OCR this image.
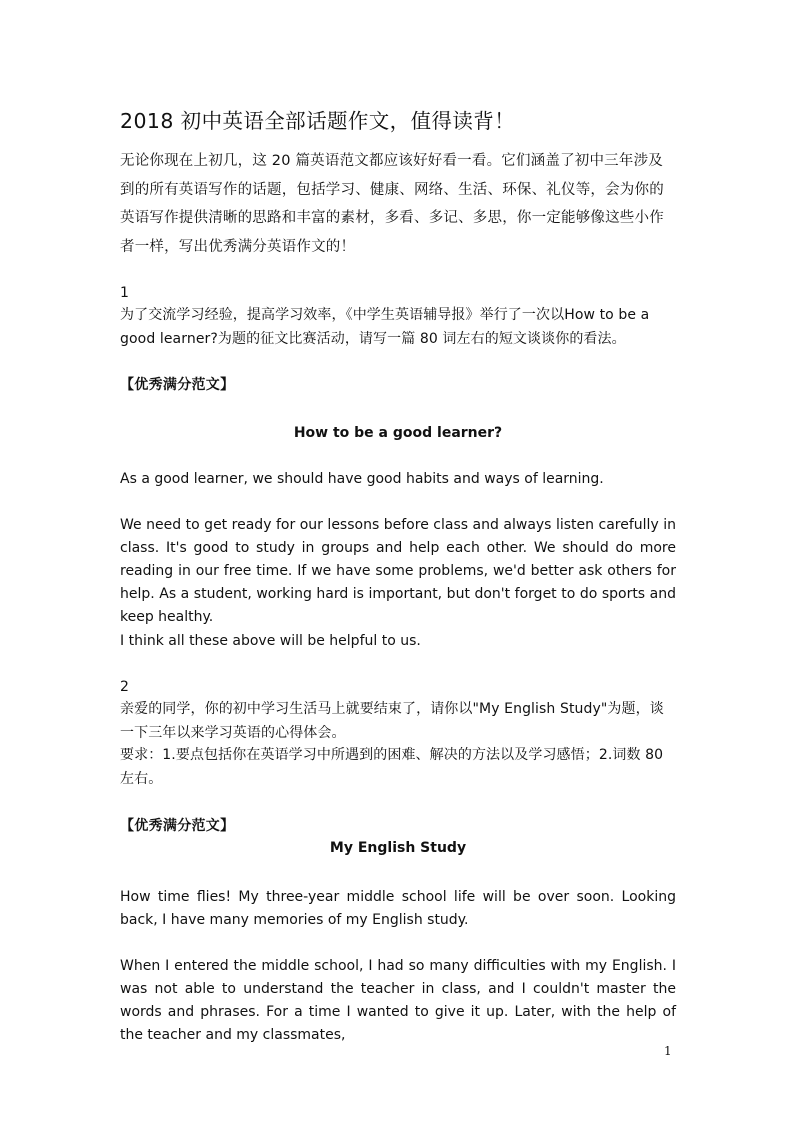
2018 初中英语全部话题作文，值得读背！

无论你现在上初几，这 20 篇英语范文都应该好好看一看。它们涵盖了初中三年涉及到的所有英语写作的话题，包括学习、健康、网络、生活、环保、礼仪等，会为你的英语写作提供清晰的思路和丰富的素材，多看、多记、多思，你一定能够像这些小作者一样，写出优秀满分英语作文的！

1

为了交流学习经验，提高学习效率，《中学生英语辅导报》举行了一次以How to be a good learner?为题的征文比赛活动，请写一篇 80 词左右的短文谈谈你的看法。

【优秀满分范文】

How to be a good learner?

As a good learner, we should have good habits and ways of learning.

We need to get ready for our lessons before class and always listen carefully in class. It's good to study in groups and help each other. We should do more reading in our free time. If we have some problems, we'd better ask others for help. As a student, working hard is important, but don't forget to do sports and keep healthy.

I think all these above will be helpful to us.

2

亲爱的同学，你的初中学习生活马上就要结束了，请你以"My English Study"为题，谈一下三年以来学习英语的心得体会。

要求：1.要点包括你在英语学习中所遇到的困难、解决的方法以及学习感悟；2.词数 80 左右。

【优秀满分范文】

My English Study

How time flies! My three-year middle school life will be over soon. Looking back, I have many memories of my English study.

When I entered the middle school, I had so many difficulties with my English. I was not able to understand the teacher in class, and I couldn't master the words and phrases. For a time I wanted to give it up. Later, with the help of the teacher and my classmates,

1
